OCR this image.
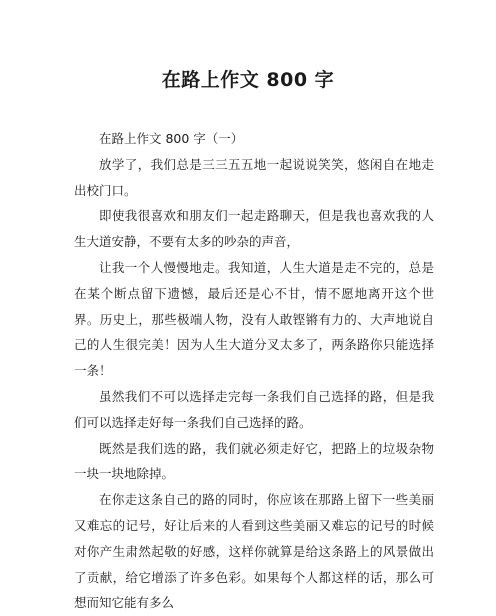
在路上作文 800 字

在路上作文 800 字（一）

放学了，我们总是三三五五地一起说说笑笑，悠闲自在地走出校门口。

即使我很喜欢和朋友们一起走路聊天，但是我也喜欢我的人生大道安静，不要有太多的吵杂的声音，

让我一个人慢慢地走。我知道，人生大道是走不完的，总是在某个断点留下遗憾，最后还是心不甘，情不愿地离开这个世界。历史上，那些极端人物，没有人敢铿锵有力的、大声地说自己的人生很完美！因为人生大道分叉太多了，两条路你只能选择一条！

虽然我们不可以选择走完每一条我们自己选择的路，但是我们可以选择走好每一条我们自己选择的路。

既然是我们选的路，我们就必须走好它，把路上的垃圾杂物一块一块地除掉。

在你走这条自己的路的同时，你应该在那路上留下一些美丽又难忘的记号，好让后来的人看到这些美丽又难忘的记号的时候对你产生肃然起敬的好感，这样你就算是给这条路上的风景做出了贡献，给它增添了许多色彩。如果每个人都这样的话，那么可想而知它能有多么
